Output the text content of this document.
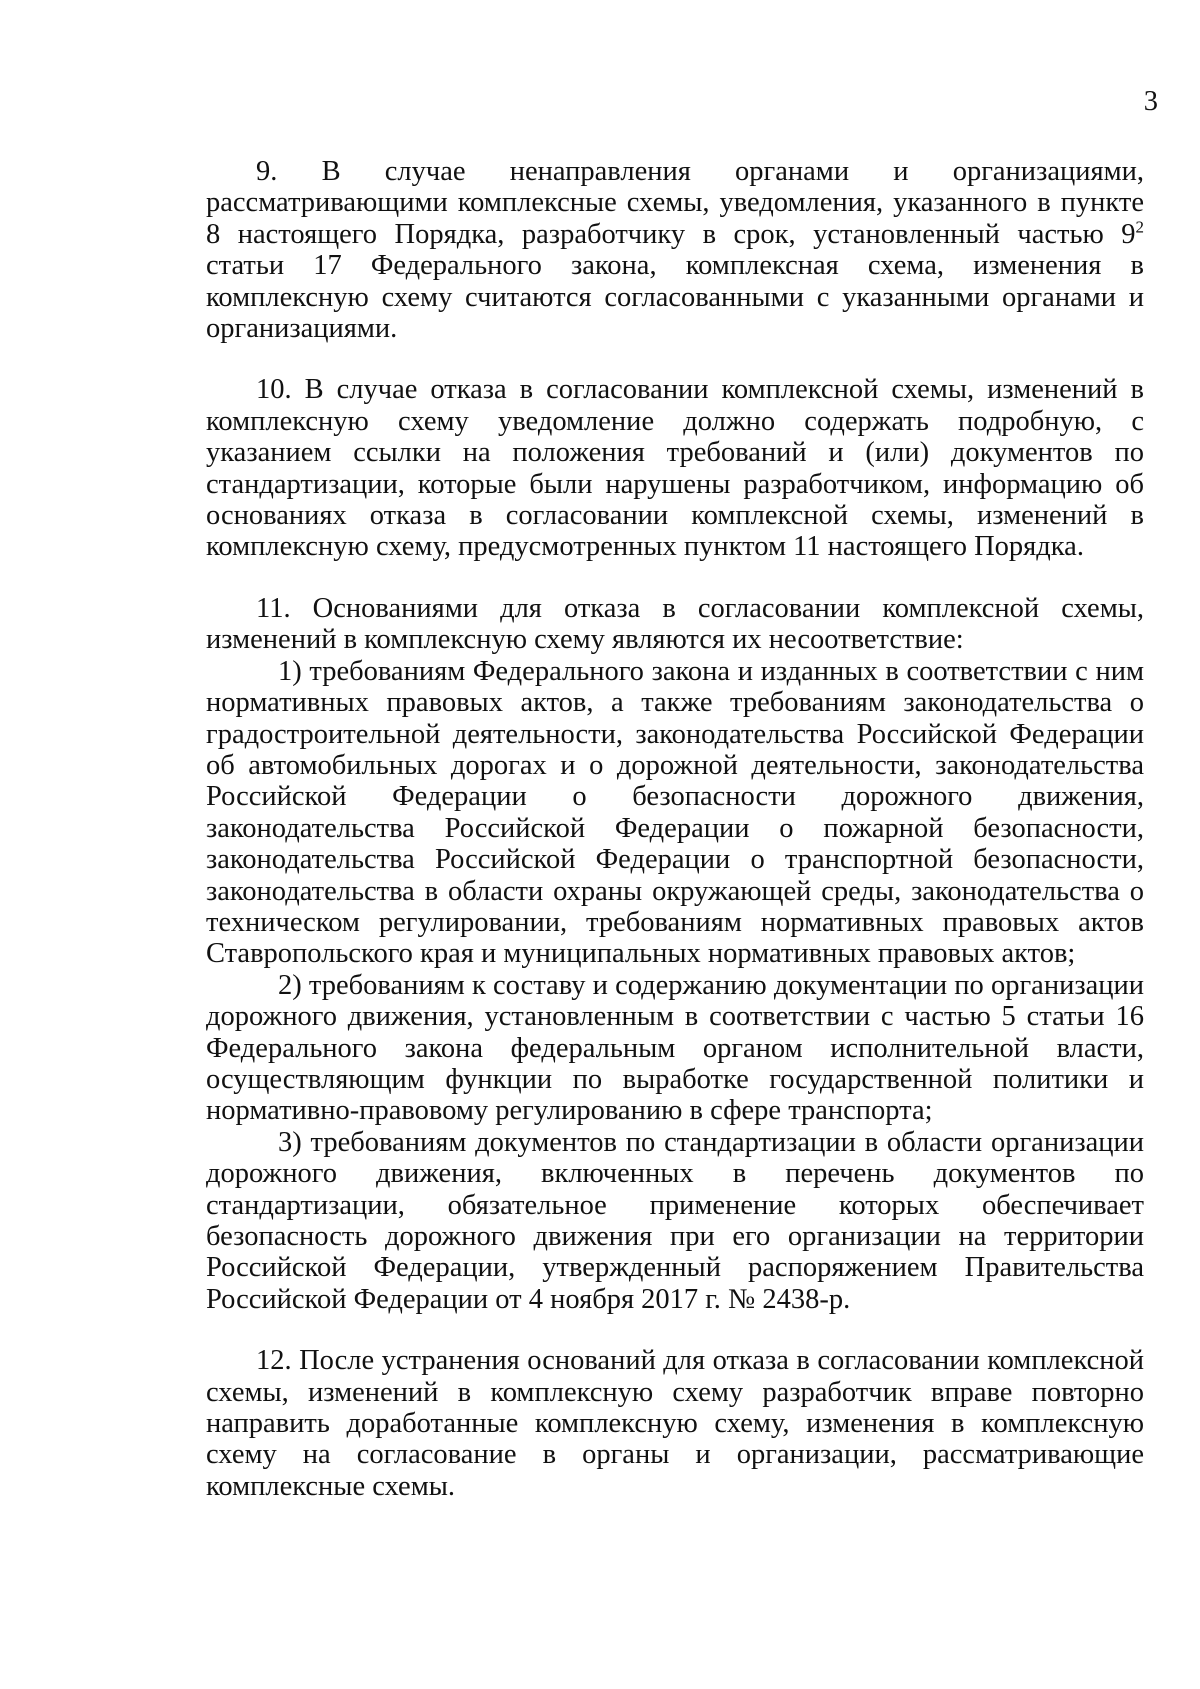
3

9. В случае ненаправления органами и организациями, рассматривающими комплексные схемы, уведомления, указанного в пункте 8 настоящего Порядка, разработчику в срок, установленный частью $9^2$ статьи 17 Федерального закона, комплексная схема, изменения в комплексную схему считаются согласованными с указанными органами и организациями.

10. В случае отказа в согласовании комплексной схемы, изменений в комплексную схему уведомление должно содержать подробную, с указанием ссылки на положения требований и (или) документов по стандартизации, которые были нарушены разработчиком, информацию об основаниях отказа в согласовании комплексной схемы, изменений в комплексную схему, предусмотренных пунктом 11 настоящего Порядка.

11. Основаниями для отказа в согласовании комплексной схемы, изменений в комплексную схему являются их несоответствие:

1) требованиям Федерального закона и изданных в соответствии с ним нормативных правовых актов, а также требованиям законодательства о градостроительной деятельности, законодательства Российской Федерации об автомобильных дорогах и о дорожной деятельности, законодательства Российской Федерации о безопасности дорожного движения, законодательства Российской Федерации о пожарной безопасности, законодательства Российской Федерации о транспортной безопасности, законодательства в области охраны окружающей среды, законодательства о техническом регулировании, требованиям нормативных правовых актов Ставропольского края и муниципальных нормативных правовых актов;

2) требованиям к составу и содержанию документации по организации дорожного движения, установленным в соответствии с частью 5 статьи 16 Федерального закона федеральным органом исполнительной власти, осуществляющим функции по выработке государственной политики и нормативно-правовому регулированию в сфере транспорта;

3) требованиям документов по стандартизации в области организации дорожного движения, включенных в перечень документов по стандартизации, обязательное применение которых обеспечивает безопасность дорожного движения при его организации на территории Российской Федерации, утвержденный распоряжением Правительства Российской Федерации от 4 ноября 2017 г. № 2438-р.

12. После устранения оснований для отказа в согласовании комплексной схемы, изменений в комплексную схему разработчик вправе повторно направить доработанные комплексную схему, изменения в комплексную схему на согласование в органы и организации, рассматривающие комплексные схемы.
